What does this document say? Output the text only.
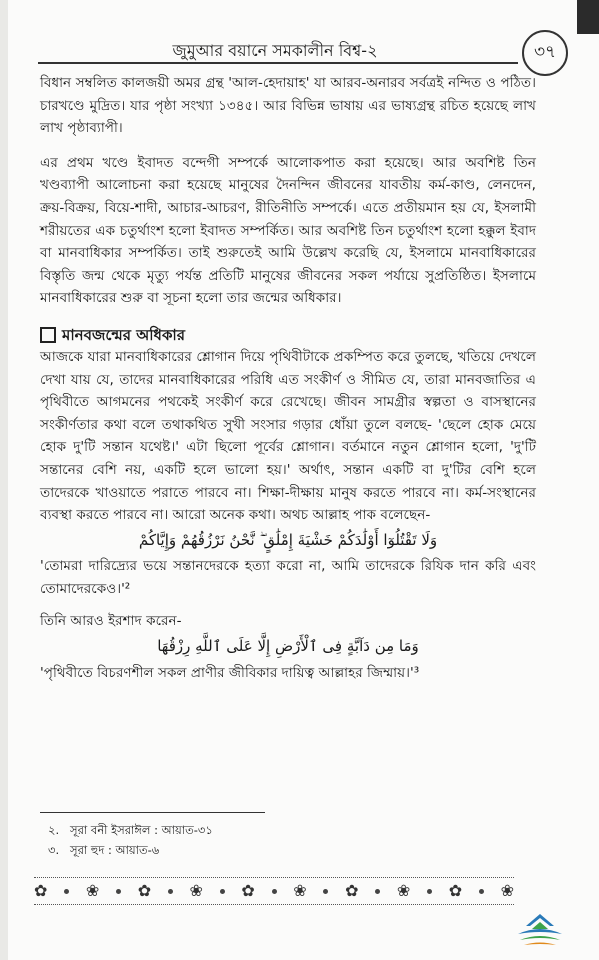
জুমুআর বয়ানে সমকালীন বিশ্ব-২	৩৭

বিধান সম্বলিত কালজয়ী অমর গ্রন্থ 'আল-হেদায়াহ' যা আরব-অনারব সর্বত্রই নন্দিত ও পঠিত। চারখণ্ডে মুদ্রিত। যার পৃষ্ঠা সংখ্যা ১৩৪৫। আর বিভিন্ন ভাষায় এর ভাষ্যগ্রন্থ রচিত হয়েছে লাখ লাখ পৃষ্ঠাব্যাপী।

এর প্রথম খণ্ডে ইবাদত বন্দেগী সম্পর্কে আলোকপাত করা হয়েছে। আর অবশিষ্ট তিন খণ্ডব্যাপী আলোচনা করা হয়েছে মানুষের দৈনন্দিন জীবনের যাবতীয় কর্ম-কাণ্ড, লেনদেন, ক্রয়-বিক্রয়, বিয়ে-শাদী, আচার-আচরণ, রীতিনীতি সম্পর্কে। এতে প্রতীয়মান হয় যে, ইসলামী শরীয়তের এক চতুর্থাংশ হলো ইবাদত সম্পর্কিত। আর অবশিষ্ট তিন চতুর্থাংশ হলো হক্কুল ইবাদ বা মানবাধিকার সম্পর্কিত। তাই শুরুতেই আমি উল্লেখ করেছি যে, ইসলামে মানবাধিকারের বিস্তৃতি জন্ম থেকে মৃত্যু পর্যন্ত প্রতিটি মানুষের জীবনের সকল পর্যায়ে সুপ্রতিষ্ঠিত। ইসলামে মানবাধিকারের শুরু বা সূচনা হলো তার জন্মের অধিকার।

মানবজন্মের অধিকার

আজকে যারা মানবাধিকারের শ্লোগান দিয়ে পৃথিবীটাকে প্রকম্পিত করে তুলছে, খতিয়ে দেখলে দেখা যায় যে, তাদের মানবাধিকারের পরিধি এত সংকীর্ণ ও সীমিত যে, তারা মানবজাতির এ পৃথিবীতে আগমনের পথকেই সংকীর্ণ করে রেখেছে। জীবন সামগ্রীর স্বল্পতা ও বাসস্থানের সংকীর্ণতার কথা বলে তথাকথিত সুখী সংসার গড়ার ধোঁয়া তুলে বলছে- 'ছেলে হোক মেয়ে হোক দু'টি সন্তান যথেষ্ট।' এটা ছিলো পূর্বের শ্লোগান। বর্তমানে নতুন শ্লোগান হলো, 'দু'টি সন্তানের বেশি নয়, একটি হলে ভালো হয়।' অর্থাৎ, সন্তান একটি বা দু'টির বেশি হলে তাদেরকে খাওয়াতে পরাতে পারবে না। শিক্ষা-দীক্ষায় মানুষ করতে পারবে না। কর্ম-সংস্থানের ব্যবস্থা করতে পারবে না। আরো অনেক কথা। অথচ আল্লাহ পাক বলেছেন-

وَلَا تَقْتُلُوٓا أَوْلَٰدَكُمْ خَشْيَةَ إِمْلَٰقٍ ۖ نَّحْنُ نَرْزُقُهُمْ وَإِيَّاكُمْ

'তোমরা দারিদ্র্যের ভয়ে সন্তানদেরকে হত্যা করো না, আমি তাদেরকে রিযিক দান করি এবং তোমাদেরকেও।'²

তিনি আরও ইরশাদ করেন-

وَمَا مِن دَآبَّةٍ فِى ٱلْأَرْضِ إِلَّا عَلَى ٱللَّهِ رِزْقُهَا

'পৃথিবীতে বিচরণশীল সকল প্রাণীর জীবিকার দায়িত্ব আল্লাহর জিম্মায়।'³

২. সূরা বনী ইসরাঈল : আয়াত-৩১
৩. সূরা হুদ : আয়াত-৬
✿ ❀ ✿ ❀ ✿ ❀ ✿ ❀ ✿ ❀
